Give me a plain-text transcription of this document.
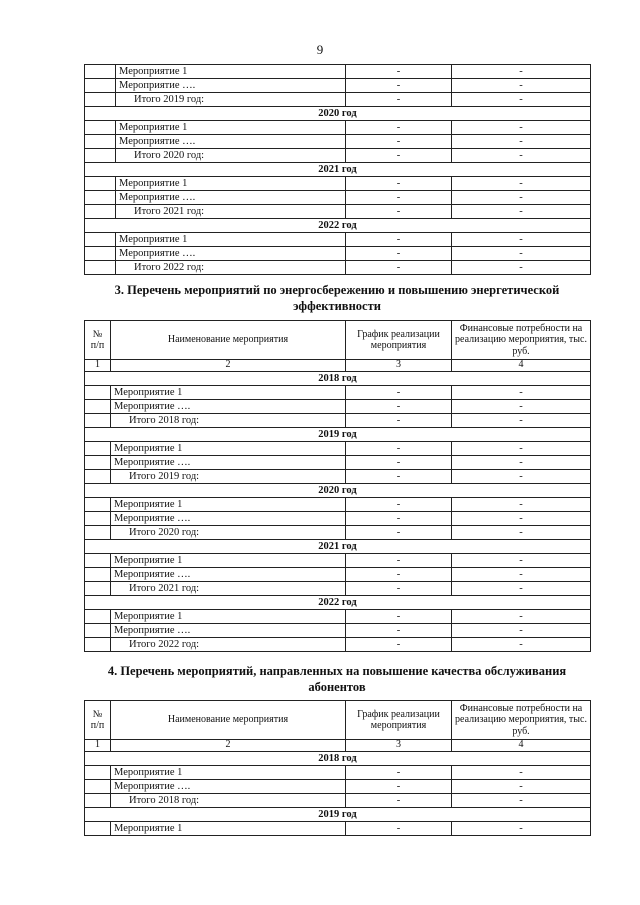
9
	Мероприятие 1	-	-
	Мероприятие ….	-	-
	Итого 2019 год:	-	-
2020 год			
	Мероприятие 1	-	-
	Мероприятие ….	-	-
	Итого 2020 год:	-	-
2021 год			
	Мероприятие 1	-	-
	Мероприятие ….	-	-
	Итого 2021 год:	-	-
2022 год			
	Мероприятие 1	-	-
	Мероприятие ….	-	-
	Итого 2022 год:	-	-
3. Перечень мероприятий по энергосбережению и повышению энергетической эффективности
№ п/п	Наименование мероприятия	График реализации мероприятия	Финансовые потребности на реализацию мероприятия, тыс. руб.
1	2	3	4
2018 год			
	Мероприятие 1	-	-
	Мероприятие ….	-	-
	Итого 2018 год:	-	-
2019 год			
	Мероприятие 1	-	-
	Мероприятие ….	-	-
	Итого 2019 год:	-	-
2020 год			
	Мероприятие 1	-	-
	Мероприятие ….	-	-
	Итого 2020 год:	-	-
2021 год			
	Мероприятие 1	-	-
	Мероприятие ….	-	-
	Итого 2021 год:	-	-
2022 год			
	Мероприятие 1	-	-
	Мероприятие ….	-	-
	Итого 2022 год:	-	-
4. Перечень мероприятий, направленных на повышение качества обслуживания абонентов
№ п/п	Наименование мероприятия	График реализации мероприятия	Финансовые потребности на реализацию мероприятия, тыс. руб.
1	2	3	4
2018 год			
	Мероприятие 1	-	-
	Мероприятие ….	-	-
	Итого 2018 год:	-	-
2019 год			
	Мероприятие 1	-	-
